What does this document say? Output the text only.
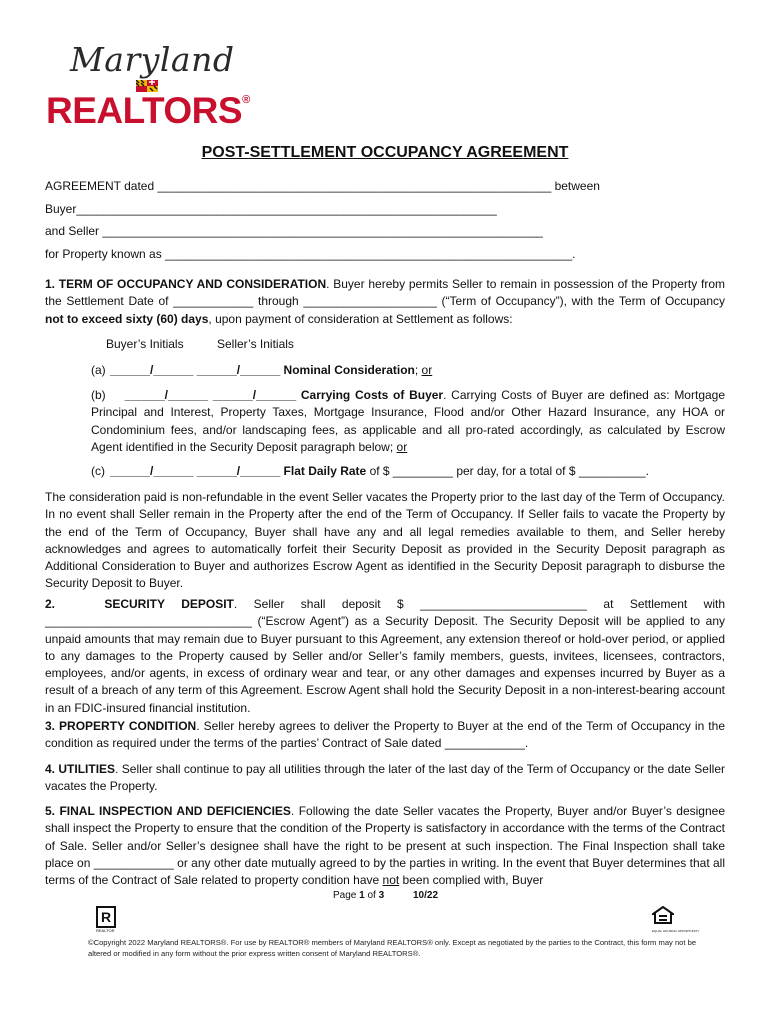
Maryland
REALTORS®
POST-SETTLEMENT OCCUPANCY AGREEMENT
AGREEMENT dated ___________________________________________________________ between
Buyer_______________________________________________________________
and Seller __________________________________________________________________
for Property known as _____________________________________________________________.

1. TERM OF OCCUPANCY AND CONSIDERATION. Buyer hereby permits Seller to remain in possession of the Property from the Settlement Date of ____________ through ____________________ (“Term of Occupancy”), with the Term of Occupancy not to exceed sixty (60) days, upon payment of consideration at Settlement as follows:

Buyer’s Initials	Seller’s Initials
(a) ______/______ ______/______ Nominal Consideration; or

(b) ______/______ ______/______ Carrying Costs of Buyer. Carrying Costs of Buyer are defined as: Mortgage Principal and Interest, Property Taxes, Mortgage Insurance, Flood and/or Other Hazard Insurance, any HOA or Condominium fees, and/or landscaping fees, as applicable and all pro-rated accordingly, as calculated by Escrow Agent identified in the Security Deposit paragraph below; or

(c) ______/______ ______/______ Flat Daily Rate of $ _________ per day, for a total of $ __________.

The consideration paid is non-refundable in the event Seller vacates the Property prior to the last day of the Term of Occupancy. In no event shall Seller remain in the Property after the end of the Term of Occupancy. If Seller fails to vacate the Property by the end of the Term of Occupancy, Buyer shall have any and all legal remedies available to them, and Seller hereby acknowledges and agrees to automatically forfeit their Security Deposit as provided in the Security Deposit paragraph as Additional Consideration to Buyer and authorizes Escrow Agent as identified in the Security Deposit paragraph to disburse the Security Deposit to Buyer.

2.   SECURITY DEPOSIT. Seller shall deposit $ _________________________ at Settlement with _______________________________ (“Escrow Agent”) as a Security Deposit. The Security Deposit will be applied to any unpaid amounts that may remain due to Buyer pursuant to this Agreement, any extension thereof or hold-over period, or applied to any damages to the Property caused by Seller and/or Seller’s family members, guests, invitees, licensees, contractors, employees, and/or agents, in excess of ordinary wear and tear, or any other damages and expenses incurred by Buyer as a result of a breach of any term of this Agreement. Escrow Agent shall hold the Security Deposit in a non-interest-bearing account in an FDIC-insured financial institution.

3. PROPERTY CONDITION. Seller hereby agrees to deliver the Property to Buyer at the end of the Term of Occupancy in the condition as required under the terms of the parties’ Contract of Sale dated ____________.

4. UTILITIES. Seller shall continue to pay all utilities through the later of the last day of the Term of Occupancy or the date Seller vacates the Property.

5. FINAL INSPECTION AND DEFICIENCIES. Following the date Seller vacates the Property, Buyer and/or Buyer’s designee shall inspect the Property to ensure that the condition of the Property is satisfactory in accordance with the terms of the Contract of Sale. Seller and/or Seller’s designee shall have the right to be present at such inspection. The Final Inspection shall take place on ____________ or any other date mutually agreed to by the parties in writing. In the event that Buyer determines that all terms of the Contract of Sale related to property condition have not been complied with, Buyer

Page 1 of 3	10/22
R
REALTOR	EQUAL HOUSING OPPORTUNITY
©Copyright 2022 Maryland REALTORS®. For use by REALTOR® members of Maryland REALTORS® only. Except as negotiated by the parties to the Contract, this form may not be altered or modified in any form without the prior express written consent of Maryland REALTORS®.
